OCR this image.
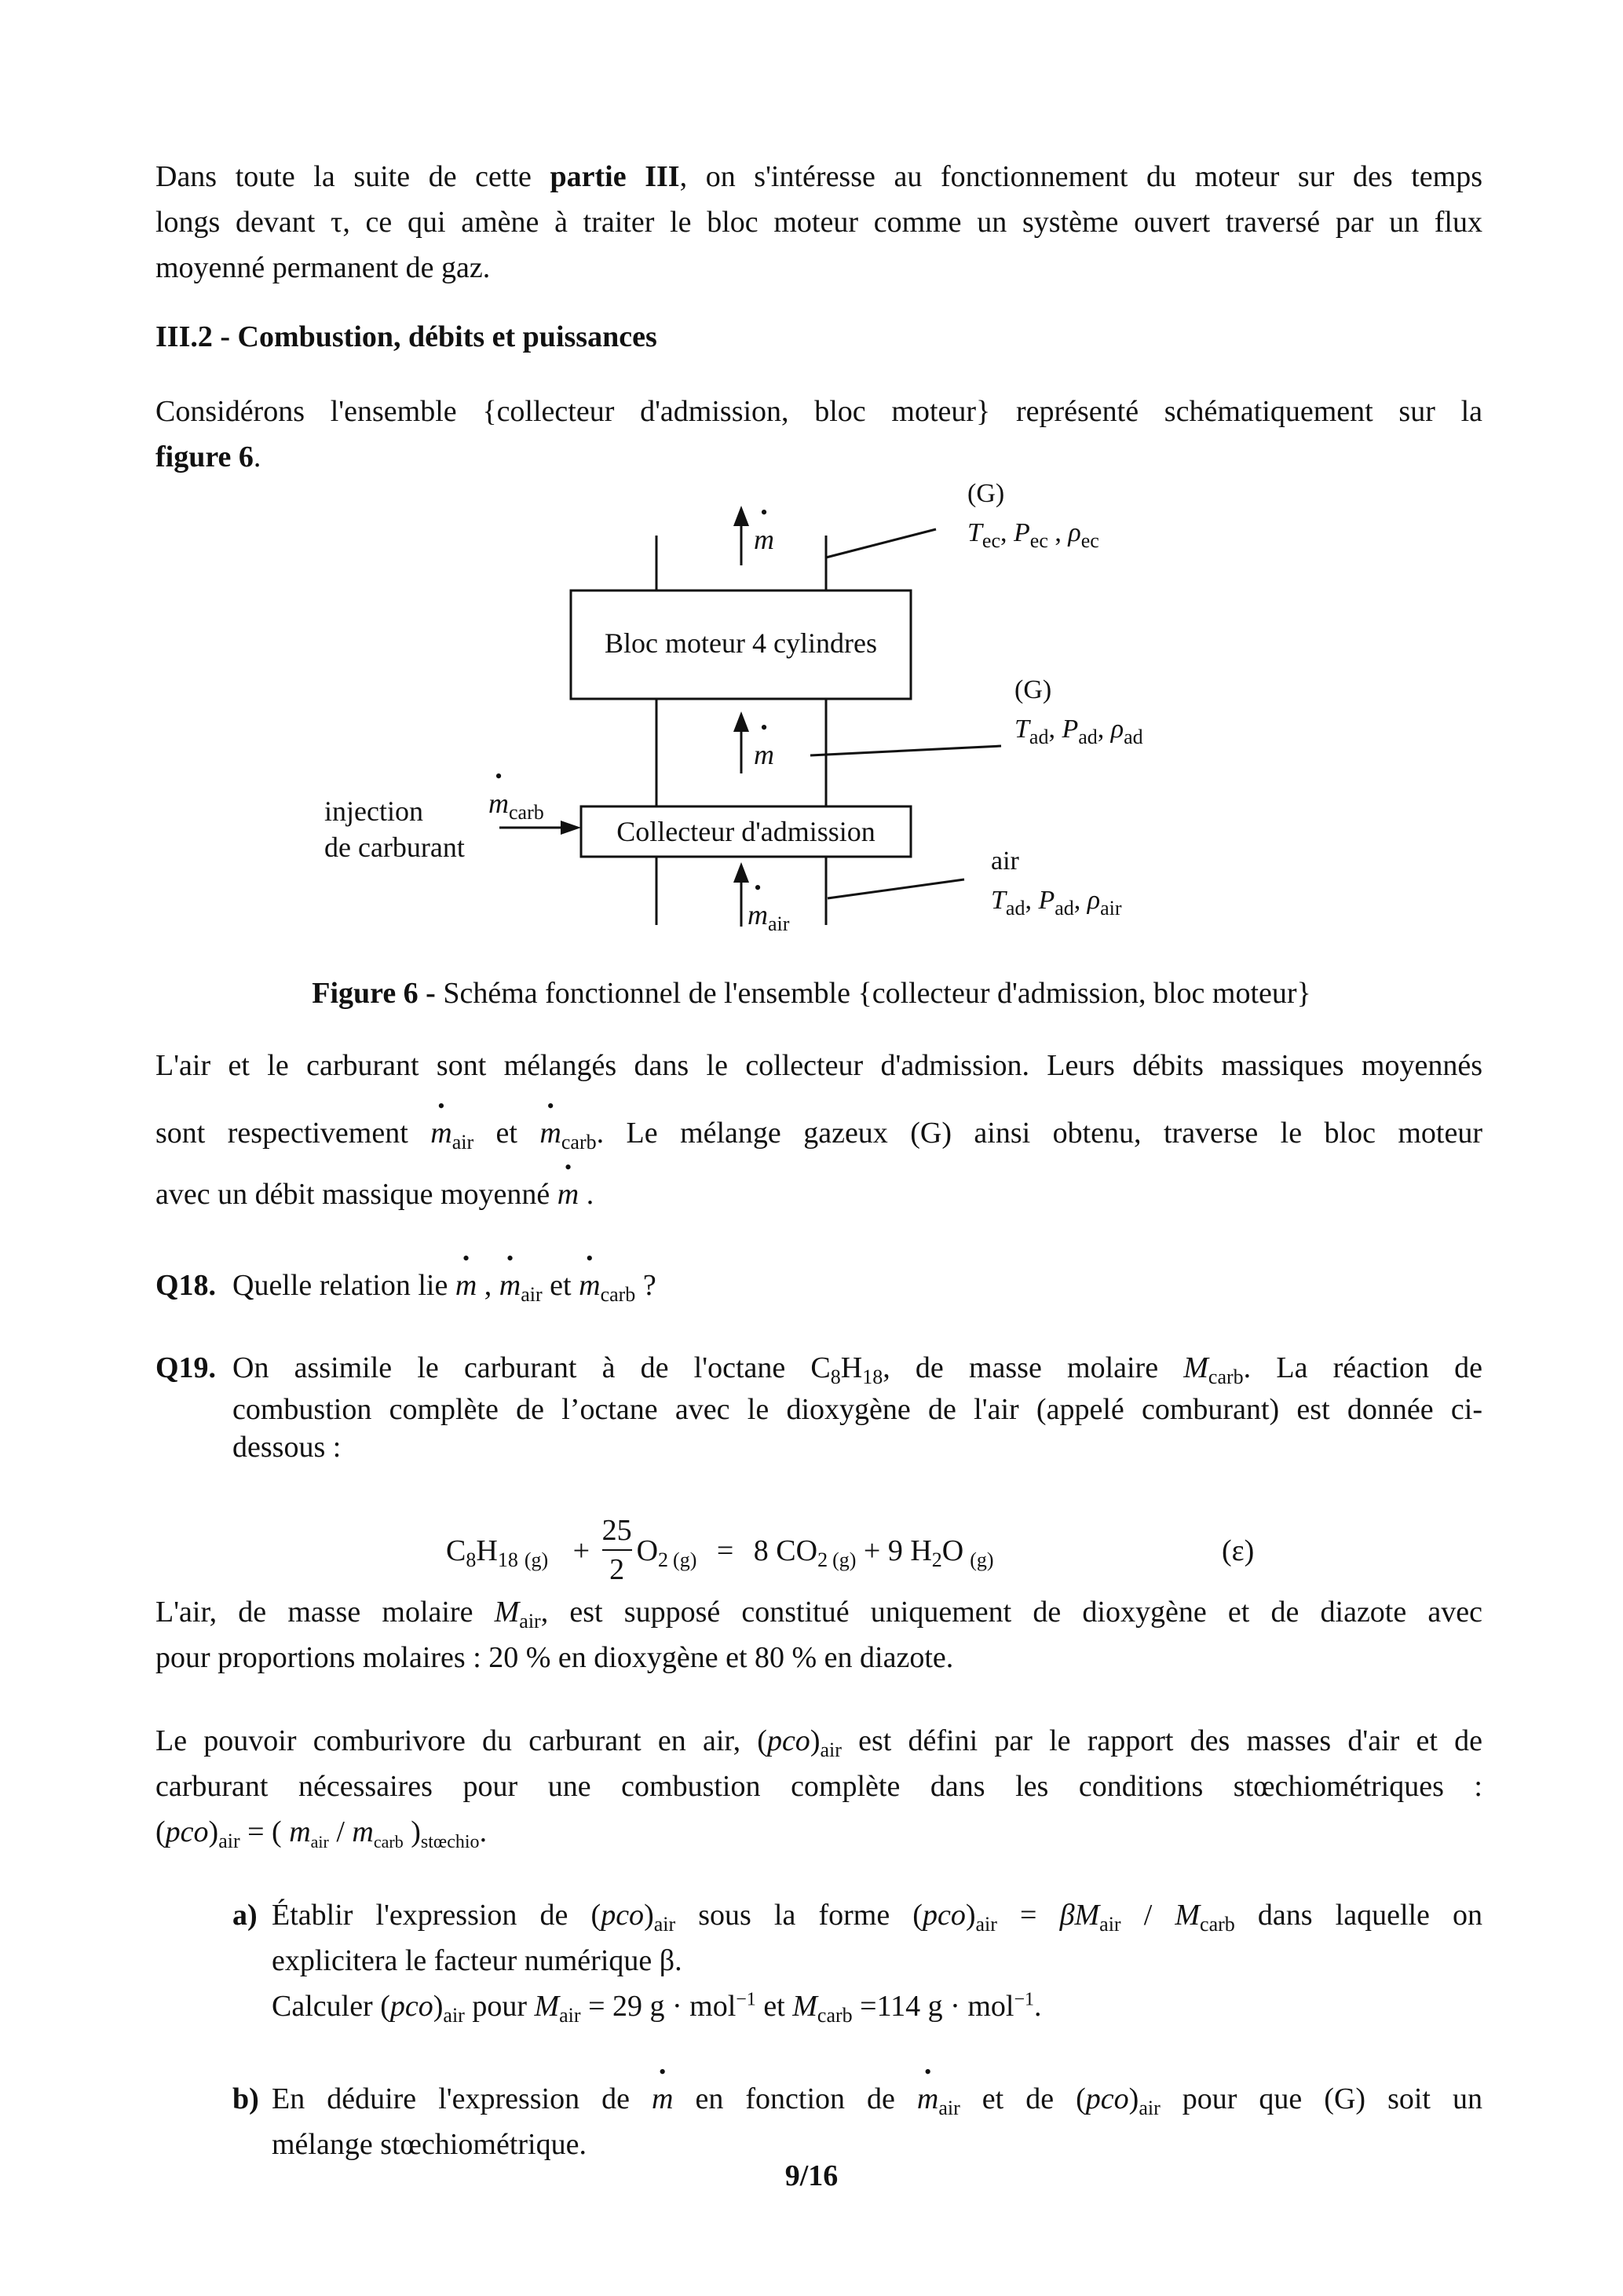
Dans toute la suite de cette partie III, on s'intéresse au fonctionnement du moteur sur des temps
longs devant τ, ce qui amène à traiter le bloc moteur comme un système ouvert traversé par un flux
moyenné permanent de gaz.
III.2 - Combustion, débits et puissances
Considérons l'ensemble {collecteur d'admission, bloc moteur} représenté schématiquement sur la
figure 6.
Bloc moteur 4 cylindres
Collecteur d'admission
injection
de carburant
• $m_{carb}$
• m
• m
• $m_{air}$
(G)
$T_{ec}$, $P_{ec}$ , $\rho_{ec}$
(G)
$T_{ad}$, $P_{ad}$, $\rho_{ad}$
air
$T_{ad}$, $P_{ad}$, $\rho_{air}$
Figure 6 - Schéma fonctionnel de l'ensemble {collecteur d'admission, bloc moteur}
L'air et le carburant sont mélangés dans le collecteur d'admission. Leurs débits massiques moyennés
sont respectivement • $m_{air}$ et • $m_{carb}$. Le mélange gazeux (G) ainsi obtenu, traverse le bloc moteur
avec un débit massique moyenné • m .
Q18. Quelle relation lie • m , • $m_{air}$ et • $m_{carb}$ ?
Q19. On assimile le carburant à de l'octane $C_8H_{18}$, de masse molaire $M_{carb}$. La réaction de
combustion complète de l’octane avec le dioxygène de l'air (appelé comburant) est donnée ci-
dessous :
$C_8H_{18}$ $_{(g)} + \frac{25}{2} O_2$ $_{(g)}$ = 8 $CO_2$ $_{(g)}$ + 9 $H_2O$ $_{(g)}$	(ε)
L'air, de masse molaire $M_{air}$, est supposé constitué uniquement de dioxygène et de diazote avec
pour proportions molaires : 20 % en dioxygène et 80 % en diazote.
Le pouvoir comburivore du carburant en air, $(pco)_{air}$ est défini par le rapport des masses d'air et de
carburant nécessaires pour une combustion complète dans les conditions stœchiométriques :
$(pco)_{air}$ = ( $m_{air} / m_{carb}$ )$_{stœchio}$.
a) Établir l'expression de $(pco)_{air}$ sous la forme $(pco)_{air} = \beta M_{air} / M_{carb}$ dans laquelle on
explicitera le facteur numérique β.
Calculer $(pco)_{air}$ pour $M_{air} = 29$ g · mol$^{-1}$ et $M_{carb} =114$ g · mol$^{-1}$.
b) En déduire l'expression de • m en fonction de • $m_{air}$ et de $(pco)_{air}$ pour que (G) soit un
mélange stœchiométrique.
9/16
